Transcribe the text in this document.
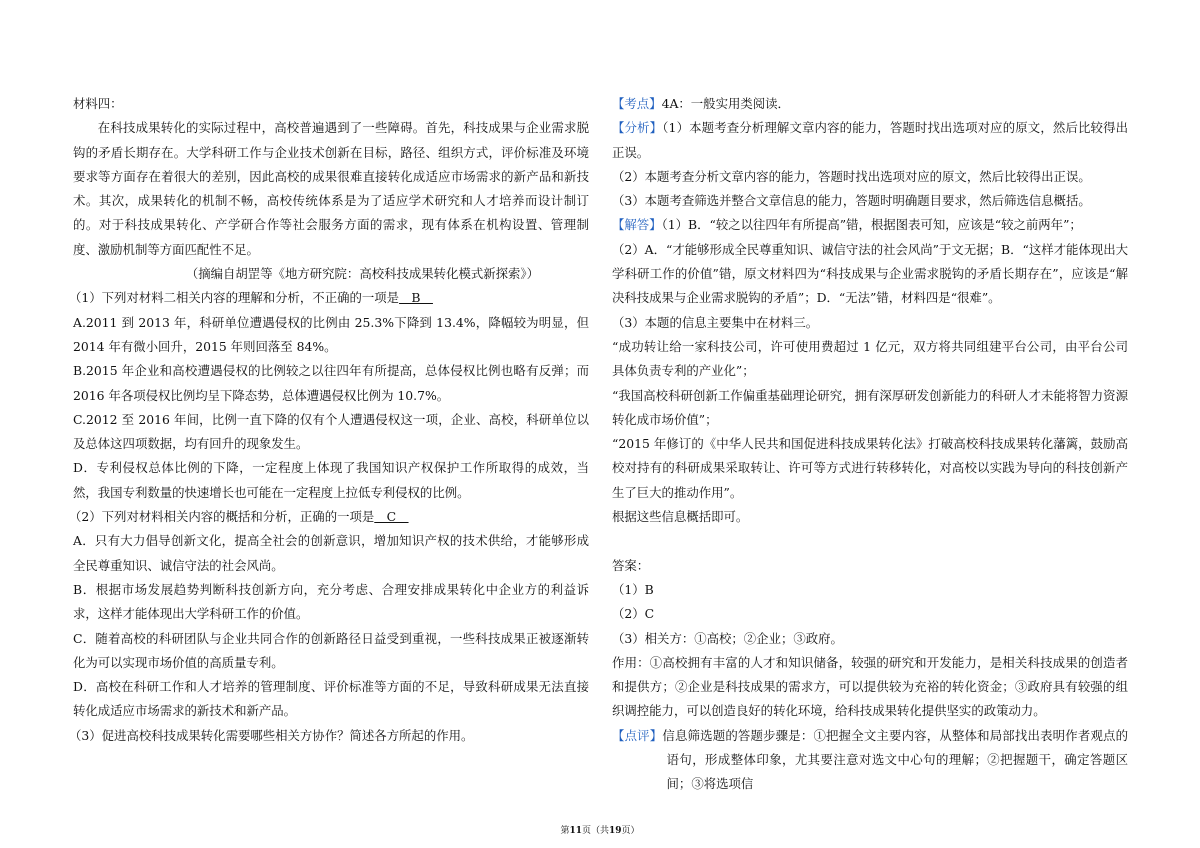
材料四：

在科技成果转化的实际过程中，高校普遍遇到了一些障碍。首先，科技成果与企业需求脱钩的矛盾长期存在。大学科研工作与企业技术创新在目标，路径、组织方式，评价标准及环境要求等方面存在着很大的差别，因此高校的成果很难直接转化成适应市场需求的新产品和新技术。其次，成果转化的机制不畅，高校传统体系是为了适应学术研究和人才培养而设计制订的。对于科技成果转化、产学研合作等社会服务方面的需求，现有体系在机构设置、管理制度、激励机制等方面匹配性不足。

（摘编自胡罡等《地方研究院：高校科技成果转化模式新探索》）

（1）下列对材料二相关内容的理解和分析，不正确的一项是　B　

A.2011 到 2013 年，科研单位遭遇侵权的比例由 25.3%下降到 13.4%，降幅较为明显，但 2014 年有微小回升，2015 年则回落至 84%。

B.2015 年企业和高校遭遇侵权的比例较之以往四年有所提高，总体侵权比例也略有反弹；而 2016 年各项侵权比例均呈下降态势，总体遭遇侵权比例为 10.7%。

C.2012 至 2016 年间，比例一直下降的仅有个人遭遇侵权这一项，企业、高校，科研单位以及总体这四项数据，均有回升的现象发生。

D．专利侵权总体比例的下降，一定程度上体现了我国知识产权保护工作所取得的成效，当然，我国专利数量的快速增长也可能在一定程度上拉低专利侵权的比例。

（2）下列对材料相关内容的概括和分析，正确的一项是　C　

A．只有大力倡导创新文化，提高全社会的创新意识，增加知识产权的技术供给，才能够形成全民尊重知识、诚信守法的社会风尚。

B．根据市场发展趋势判断科技创新方向，充分考虑、合理安排成果转化中企业方的利益诉求，这样才能体现出大学科研工作的价值。

C．随着高校的科研团队与企业共同合作的创新路径日益受到重视，一些科技成果正被逐渐转化为可以实现市场价值的高质量专利。

D．高校在科研工作和人才培养的管理制度、评价标准等方面的不足，导致科研成果无法直接转化成适应市场需求的新技术和新产品。

（3）促进高校科技成果转化需要哪些相关方协作？简述各方所起的作用。

【考点】4A：一般实用类阅读．

【分析】（1）本题考查分析理解文章内容的能力，答题时找出选项对应的原文，然后比较得出正误。

（2）本题考查分析文章内容的能力，答题时找出选项对应的原文，然后比较得出正误。

（3）本题考查筛选并整合文章信息的能力，答题时明确题目要求，然后筛选信息概括。

【解答】（1）B．“较之以往四年有所提高”错，根据图表可知，应该是“较之前两年”；

（2）A．“才能够形成全民尊重知识、诚信守法的社会风尚”于文无据；B．“这样才能体现出大学科研工作的价值”错，原文材料四为“科技成果与企业需求脱钩的矛盾长期存在”，应该是“解决科技成果与企业需求脱钩的矛盾”；D．“无法”错，材料四是“很难”。

（3）本题的信息主要集中在材料三。

“成功转让给一家科技公司，许可使用费超过 1 亿元，双方将共同组建平台公司，由平台公司具体负责专利的产业化”；

“我国高校科研创新工作偏重基础理论研究，拥有深厚研发创新能力的科研人才未能将智力资源转化成市场价值”；

“2015 年修订的《中华人民共和国促进科技成果转化法》打破高校科技成果转化藩篱，鼓励高校对持有的科研成果采取转让、许可等方式进行转移转化，对高校以实践为导向的科技创新产生了巨大的推动作用”。

根据这些信息概括即可。

答案：

（1）B

（2）C

（3）相关方：①高校；②企业；③政府。

作用：①高校拥有丰富的人才和知识储备，较强的研究和开发能力，是相关科技成果的创造者和提供方；②企业是科技成果的需求方，可以提供较为充裕的转化资金；③政府具有较强的组织调控能力，可以创造良好的转化环境，给科技成果转化提供坚实的政策动力。

【点评】信息筛选题的答题步骤是：①把握全文主要内容，从整体和局部找出表明作者观点的语句，形成整体印象，尤其要注意对选文中心句的理解；②把握题干，确定答题区间；③将选项信

第11页（共19页）
